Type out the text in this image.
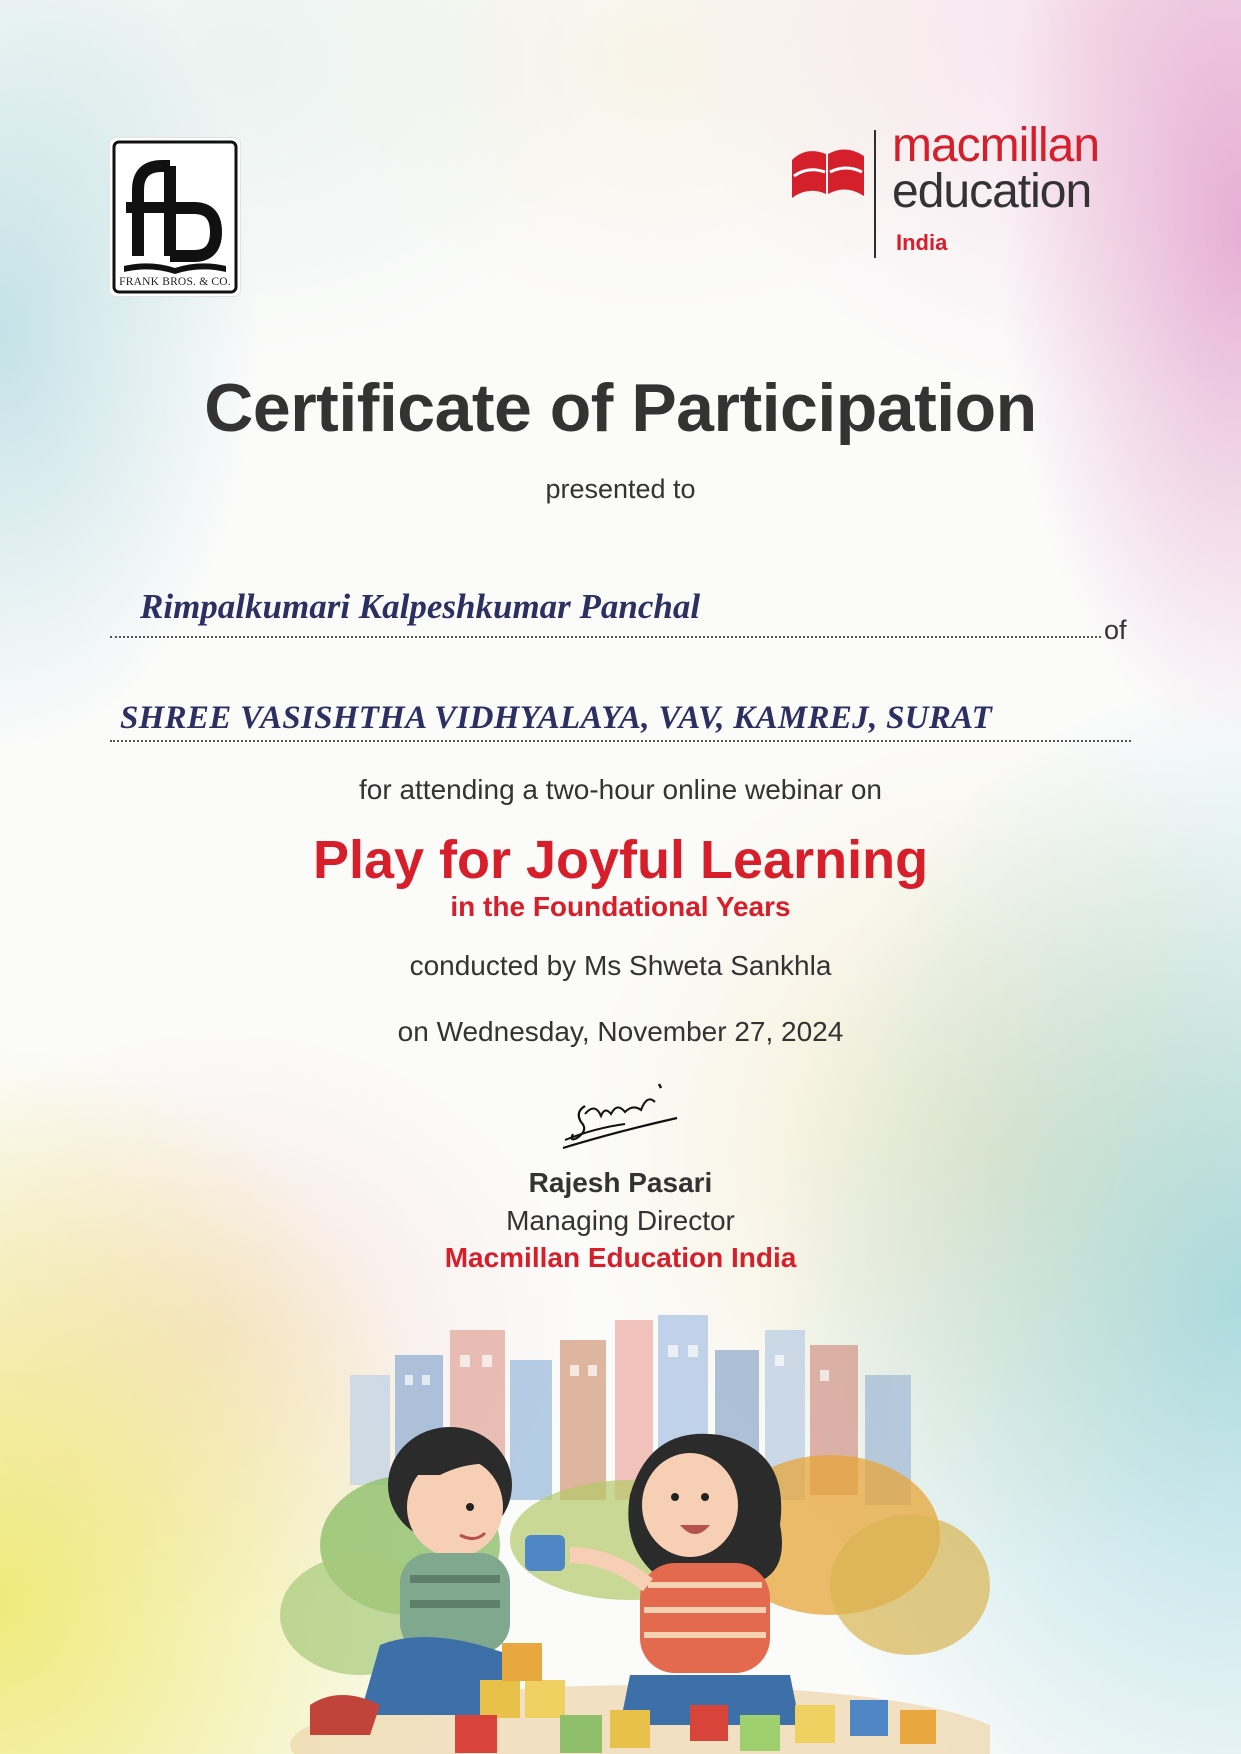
FRANK BROS. & CO.
macmillan
education
India
Certificate of Participation
presented to
Rimpalkumari Kalpeshkumar Panchal
of
SHREE VASISHTHA VIDHYALAYA, VAV, KAMREJ, SURAT
for attending a two-hour online webinar on
Play for Joyful Learning
in the Foundational Years
conducted by Ms Shweta Sankhla
on Wednesday, November 27, 2024
Rajesh Pasari
Managing Director
Macmillan Education India
